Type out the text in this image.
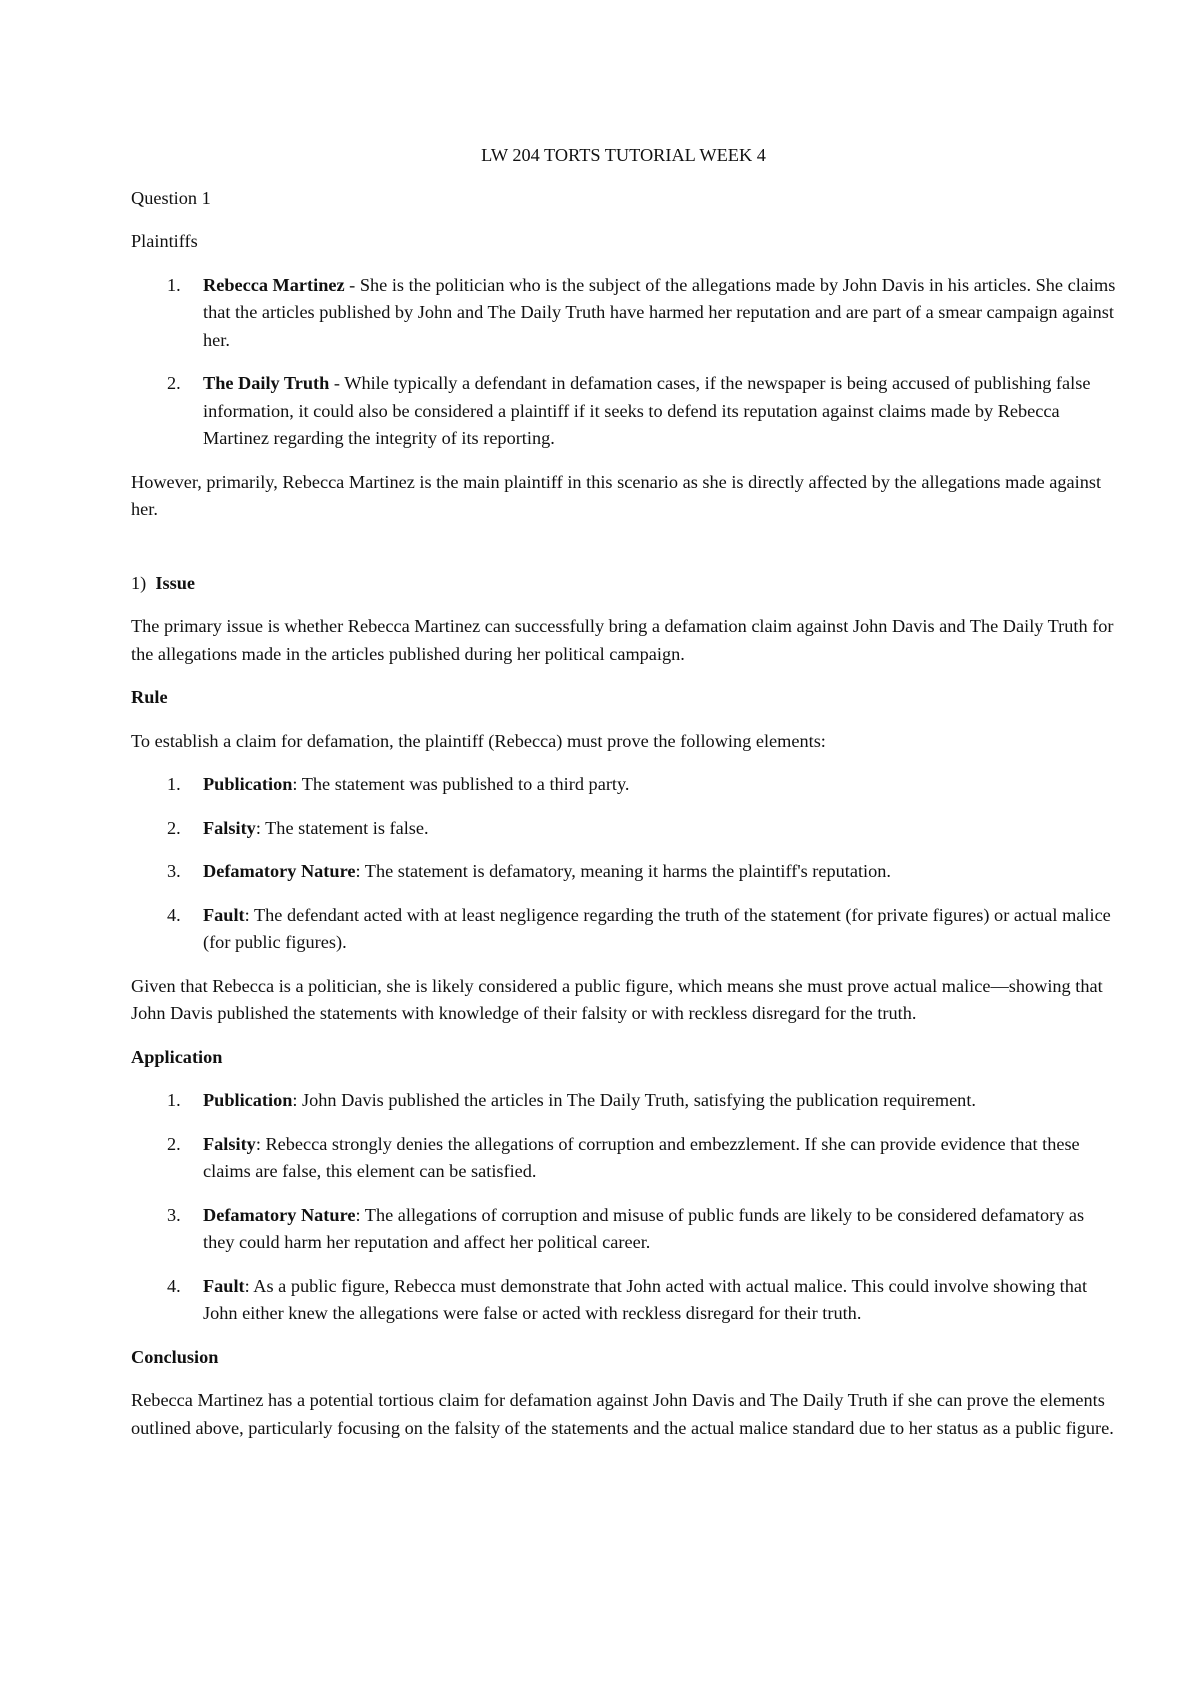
LW 204 TORTS TUTORIAL WEEK 4

Question 1

Plaintiffs

1. Rebecca Martinez - She is the politician who is the subject of the allegations made by John Davis in his articles. She claims that the articles published by John and The Daily Truth have harmed her reputation and are part of a smear campaign against her.
2. The Daily Truth - While typically a defendant in defamation cases, if the newspaper is being accused of publishing false information, it could also be considered a plaintiff if it seeks to defend its reputation against claims made by Rebecca Martinez regarding the integrity of its reporting.

However, primarily, Rebecca Martinez is the main plaintiff in this scenario as she is directly affected by the allegations made against her.

1) Issue

The primary issue is whether Rebecca Martinez can successfully bring a defamation claim against John Davis and The Daily Truth for the allegations made in the articles published during her political campaign.

Rule

To establish a claim for defamation, the plaintiff (Rebecca) must prove the following elements:

1. Publication: The statement was published to a third party.
2. Falsity: The statement is false.
3. Defamatory Nature: The statement is defamatory, meaning it harms the plaintiff's reputation.
4. Fault: The defendant acted with at least negligence regarding the truth of the statement (for private figures) or actual malice (for public figures).

Given that Rebecca is a politician, she is likely considered a public figure, which means she must prove actual malice—showing that John Davis published the statements with knowledge of their falsity or with reckless disregard for the truth.

Application

1. Publication: John Davis published the articles in The Daily Truth, satisfying the publication requirement.
2. Falsity: Rebecca strongly denies the allegations of corruption and embezzlement. If she can provide evidence that these claims are false, this element can be satisfied.
3. Defamatory Nature: The allegations of corruption and misuse of public funds are likely to be considered defamatory as they could harm her reputation and affect her political career.
4. Fault: As a public figure, Rebecca must demonstrate that John acted with actual malice. This could involve showing that John either knew the allegations were false or acted with reckless disregard for their truth.

Conclusion

Rebecca Martinez has a potential tortious claim for defamation against John Davis and The Daily Truth if she can prove the elements outlined above, particularly focusing on the falsity of the statements and the actual malice standard due to her status as a public figure.
